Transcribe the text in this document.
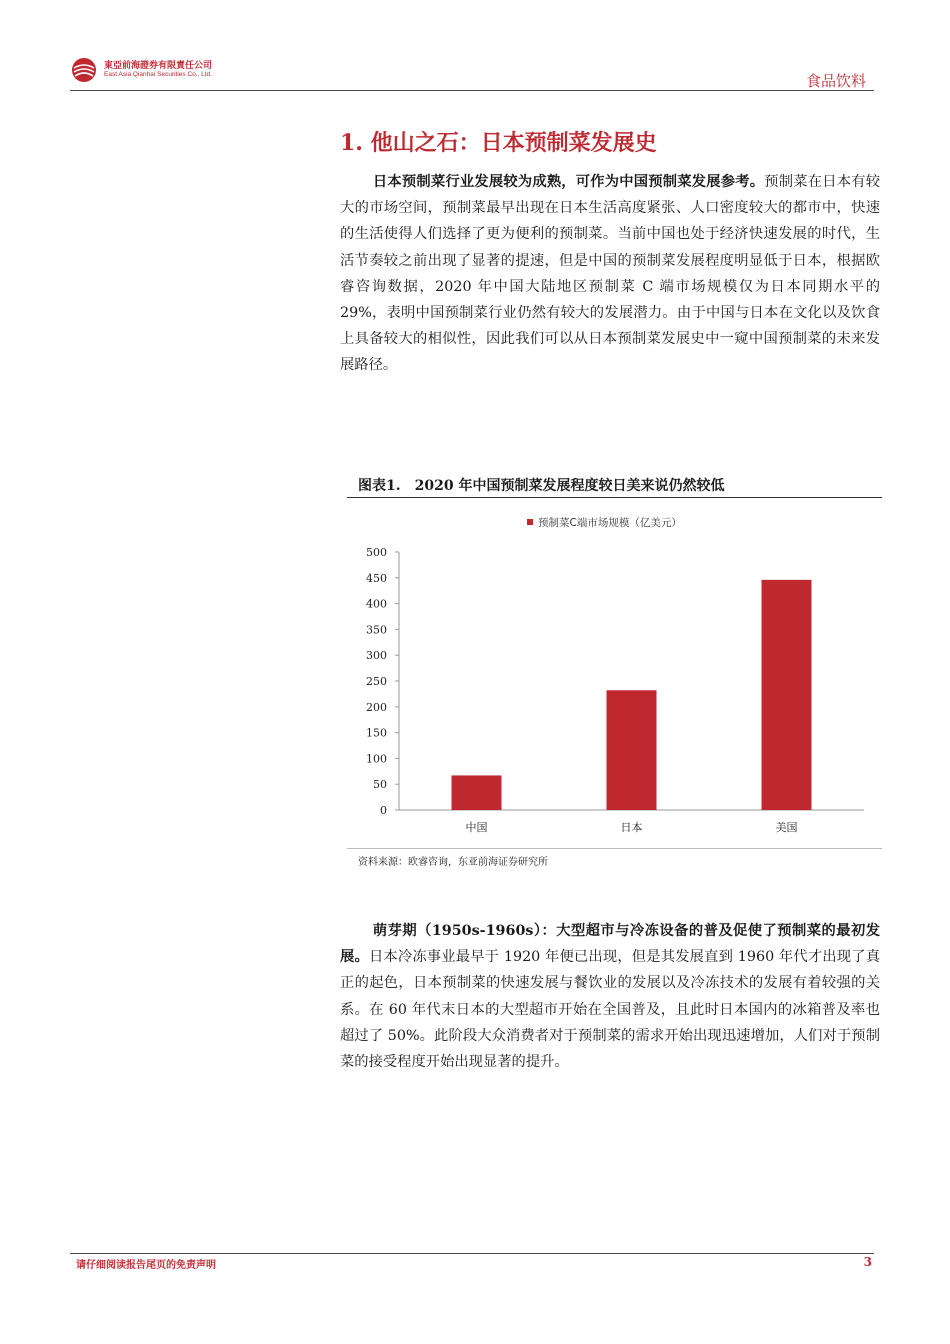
東亞前海證券有限責任公司
East Asia Qianhai Securities Co., Ltd.	食品饮料
1. 他山之石：日本预制菜发展史
日本预制菜行业发展较为成熟，可作为中国预制菜发展参考。预制菜在日本有较大的市场空间，预制菜最早出现在日本生活高度紧张、人口密度较大的都市中，快速的生活使得人们选择了更为便利的预制菜。当前中国也处于经济快速发展的时代，生活节奏较之前出现了显著的提速，但是中国的预制菜发展程度明显低于日本，根据欧睿咨询数据，2020 年中国大陆地区预制菜 C 端市场规模仅为日本同期水平的 29%，表明中国预制菜行业仍然有较大的发展潜力。由于中国与日本在文化以及饮食上具备较大的相似性，因此我们可以从日本预制菜发展史中一窥中国预制菜的未来发展路径。
图表1.　2020 年中国预制菜发展程度较日美来说仍然较低
预制菜C端市场规模（亿美元）
0
50
100
150
200
250
300
350
400
450
500
中国	日本	美国
资料来源：欧睿咨询，东亚前海证券研究所
萌芽期（1950s-1960s）：大型超市与冷冻设备的普及促使了预制菜的最初发展。日本冷冻事业最早于 1920 年便已出现，但是其发展直到 1960 年代才出现了真正的起色，日本预制菜的快速发展与餐饮业的发展以及冷冻技术的发展有着较强的关系。在 60 年代末日本的大型超市开始在全国普及，且此时日本国内的冰箱普及率也超过了 50%。此阶段大众消费者对于预制菜的需求开始出现迅速增加，人们对于预制菜的接受程度开始出现显著的提升。
请仔细阅读报告尾页的免责声明	3
